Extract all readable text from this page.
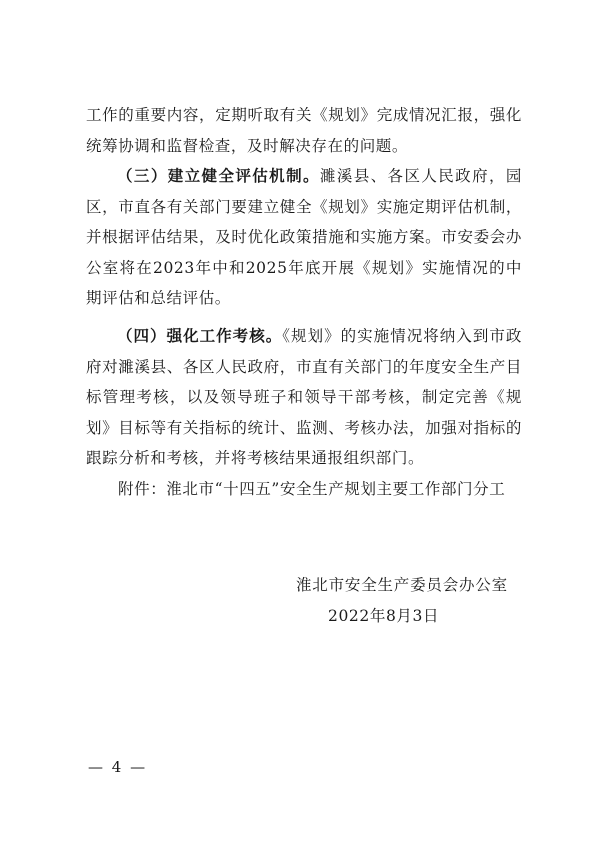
工作的重要内容，定期听取有关《规划》完成情况汇报，强化统筹协调和监督检查，及时解决存在的问题。

（三）建立健全评估机制。濉溪县、各区人民政府，园区，市直各有关部门要建立健全《规划》实施定期评估机制，并根据评估结果，及时优化政策措施和实施方案。市安委会办公室将在2023年中和2025年底开展《规划》实施情况的中期评估和总结评估。

（四）强化工作考核。《规划》的实施情况将纳入到市政府对濉溪县、各区人民政府，市直有关部门的年度安全生产目标管理考核，以及领导班子和领导干部考核，制定完善《规划》目标等有关指标的统计、监测、考核办法，加强对指标的跟踪分析和考核，并将考核结果通报组织部门。

附件：淮北市“十四五”安全生产规划主要工作部门分工

淮北市安全生产委员会办公室

2022年8月3日

— 4 —
